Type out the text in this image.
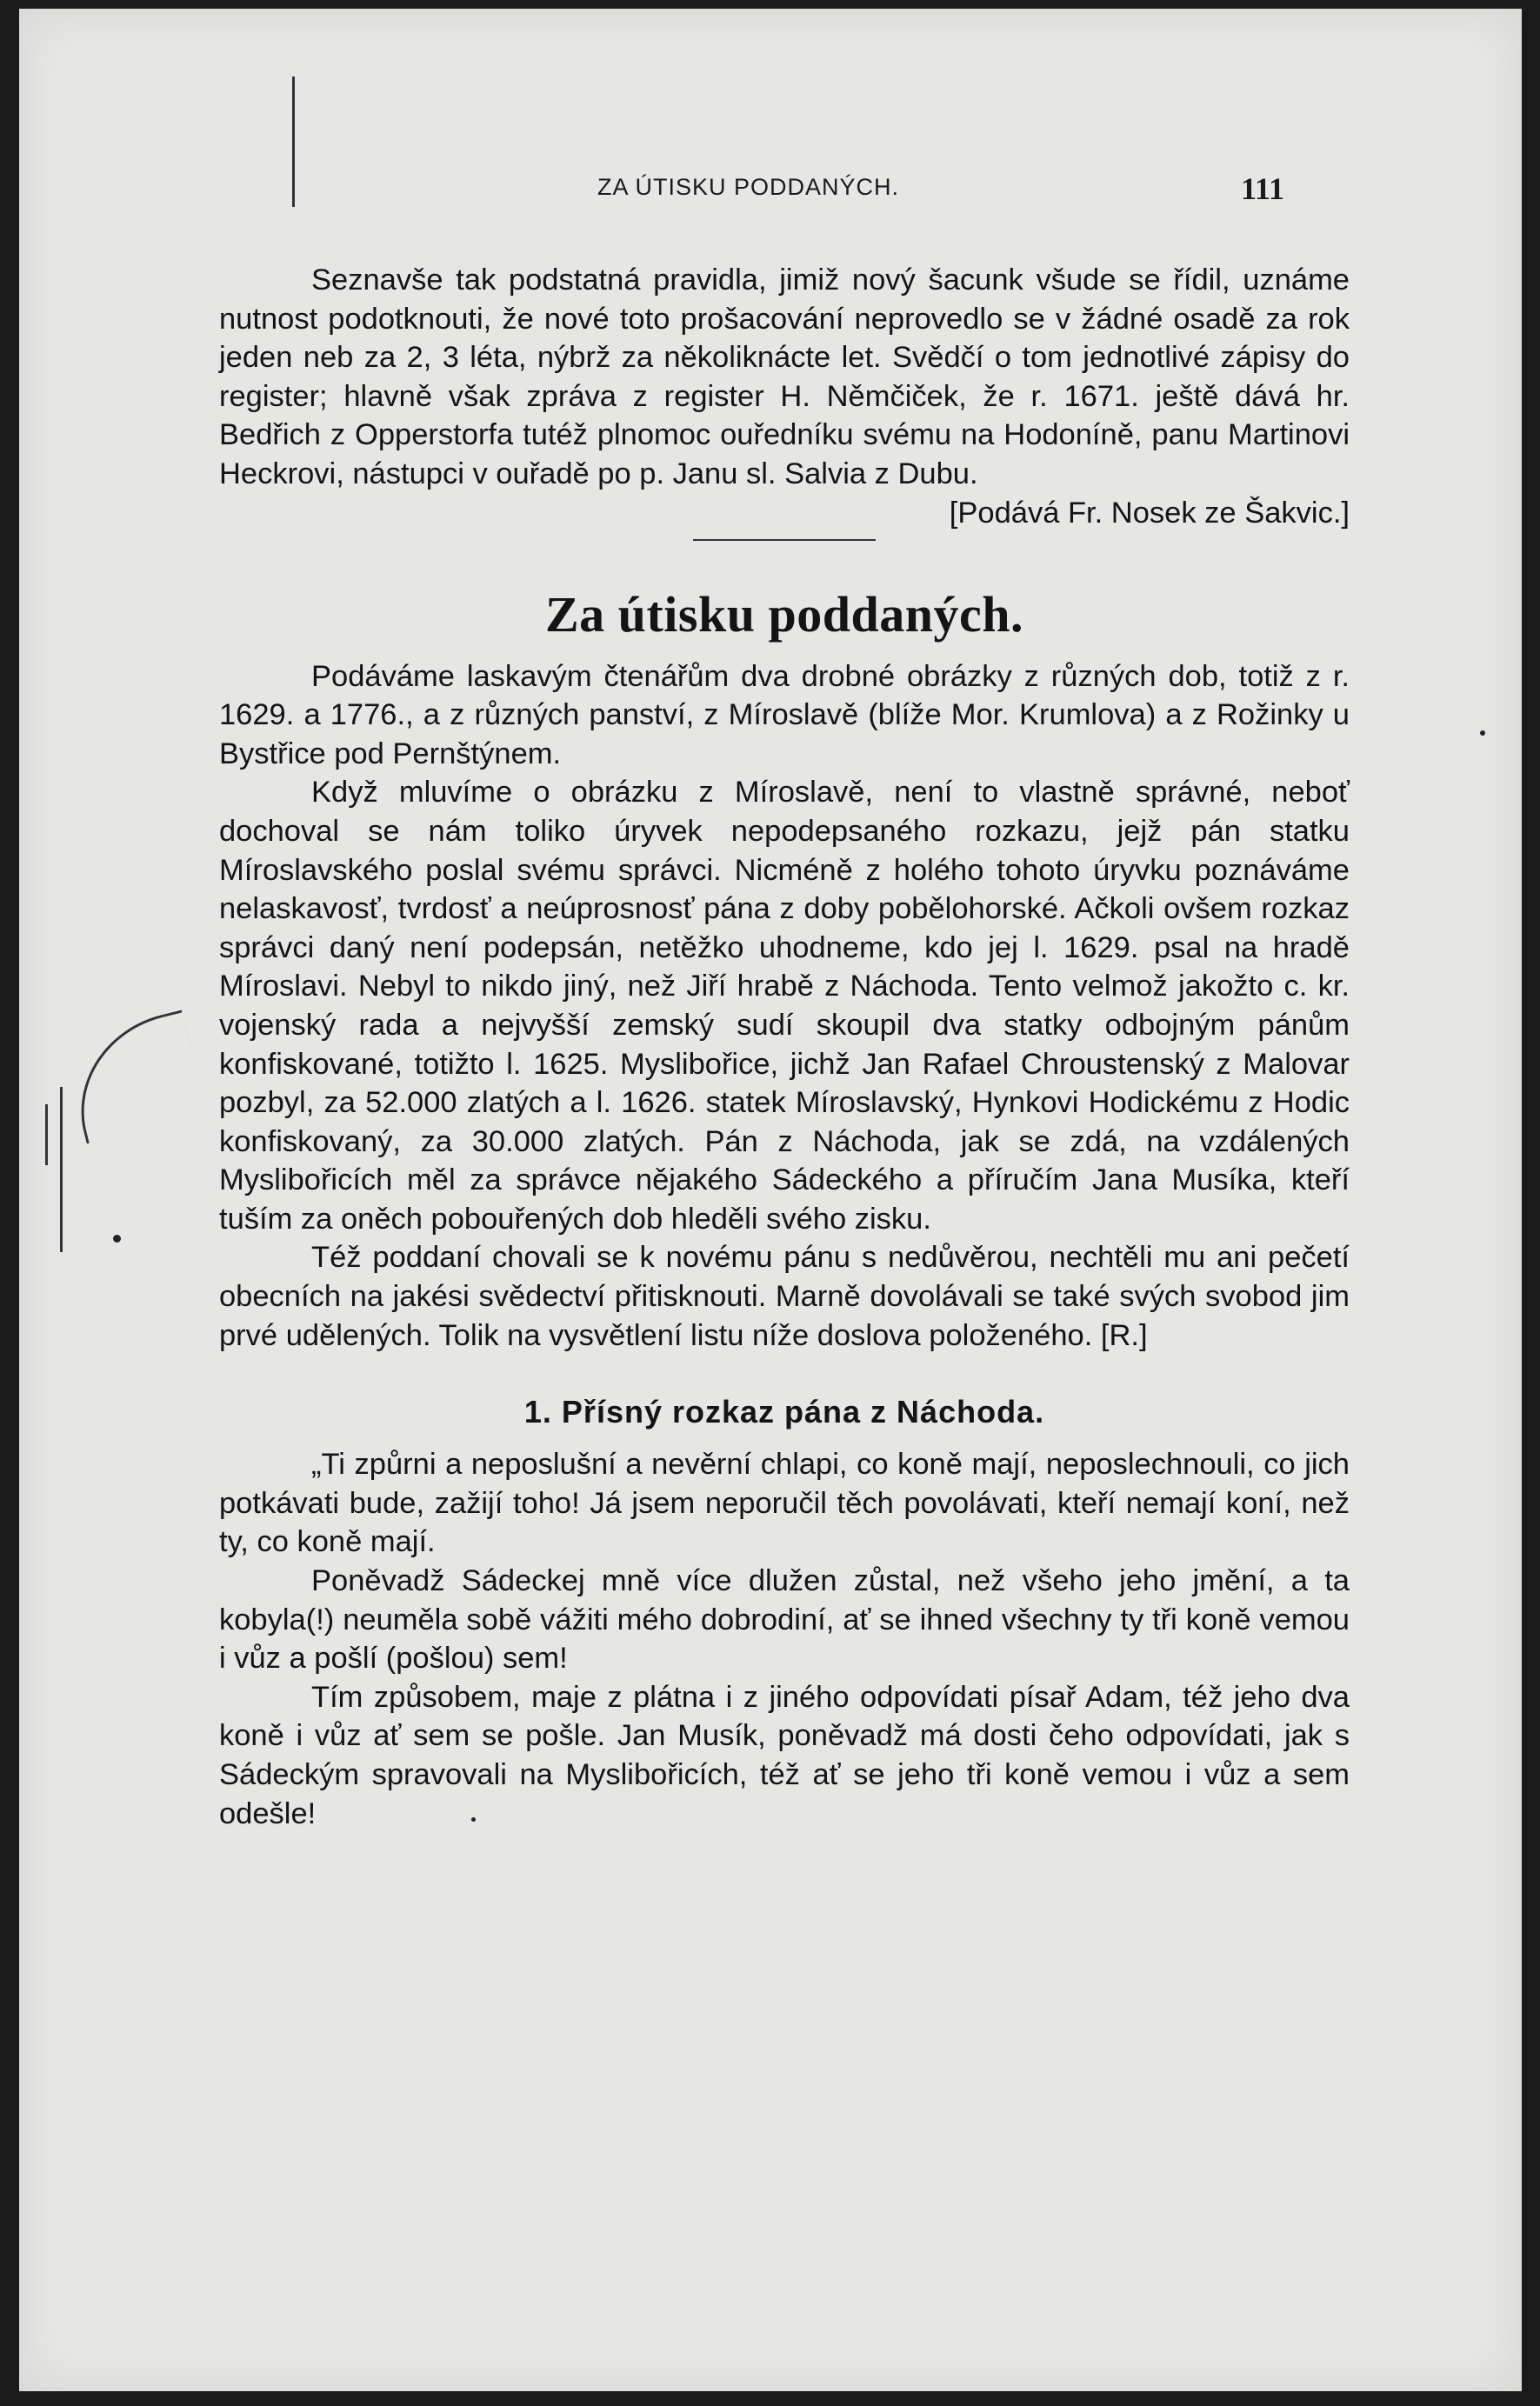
ZA ÚTISKU PODDANÝCH.	111

Seznavše tak podstatná pravidla, jimiž nový šacunk všude se řídil, uznáme nutnost podotknouti, že nové toto prošacování neprovedlo se v žádné osadě za rok jeden neb za 2, 3 léta, nýbrž za několiknácte let. Svědčí o tom jednotlivé zápisy do register; hlavně však zpráva z register H. Němčiček, že r. 1671. ještě dává hr. Bedřich z Opperstorfa tutéž plnomoc ouředníku svému na Hodoníně, panu Martinovi Heckrovi, nástupci v ouřadě po p. Janu sl. Salvia z Dubu.
[Podává Fr. Nosek ze Šakvic.]

Za útisku poddaných.

Podáváme laskavým čtenářům dva drobné obrázky z různých dob, totiž z r. 1629. a 1776., a z různých panství, z Míroslavě (blíže Mor. Krumlova) a z Rožinky u Bystřice pod Pernštýnem.

Když mluvíme o obrázku z Míroslavě, není to vlastně správné, neboť dochoval se nám toliko úryvek nepodepsaného rozkazu, jejž pán statku Míroslavského poslal svému správci. Nicméně z holého tohoto úryvku poznáváme nelaskavosť, tvrdosť a neúprosnosť pána z doby pobělohorské. Ačkoli ovšem rozkaz správci daný není podepsán, netěžko uhodneme, kdo jej l. 1629. psal na hradě Míroslavi. Nebyl to nikdo jiný, než Jiří hrabě z Náchoda. Tento velmož jakožto c. kr. vojenský rada a nejvyšší zemský sudí skoupil dva statky odbojným pánům konfiskované, totižto l. 1625. Myslibořice, jichž Jan Rafael Chroustenský z Malovar pozbyl, za 52.000 zlatých a l. 1626. statek Míroslavský, Hynkovi Hodickému z Hodic konfiskovaný, za 30.000 zlatých. Pán z Náchoda, jak se zdá, na vzdálených Myslibořicích měl za správce nějakého Sádeckého a příručím Jana Musíka, kteří tuším za oněch pobouřených dob hleděli svého zisku.

Též poddaní chovali se k novému pánu s nedůvěrou, nechtěli mu ani pečetí obecních na jakési svědectví přitisknouti. Marně dovolávali se také svých svobod jim prvé udělených. Tolik na vysvětlení listu níže doslova položeného. [R.]

1. Přísný rozkaz pána z Náchoda.

„Ti způrni a neposlušní a nevěrní chlapi, co koně mají, neposlechnouli, co jich potkávati bude, zažijí toho! Já jsem neporučil těch povolávati, kteří nemají koní, než ty, co koně mají.

Poněvadž Sádeckej mně více dlužen zůstal, než všeho jeho jmění, a ta kobyla(!) neuměla sobě vážiti mého dobrodiní, ať se ihned všechny ty tři koně vemou i vůz a pošlí (pošlou) sem!

Tím způsobem, maje z plátna i z jiného odpovídati písař Adam, též jeho dva koně i vůz ať sem se pošle. Jan Musík, poněvadž má dosti čeho odpovídati, jak s Sádeckým spravovali na Myslibořicích, též ať se jeho tři koně vemou i vůz a sem odešle!
